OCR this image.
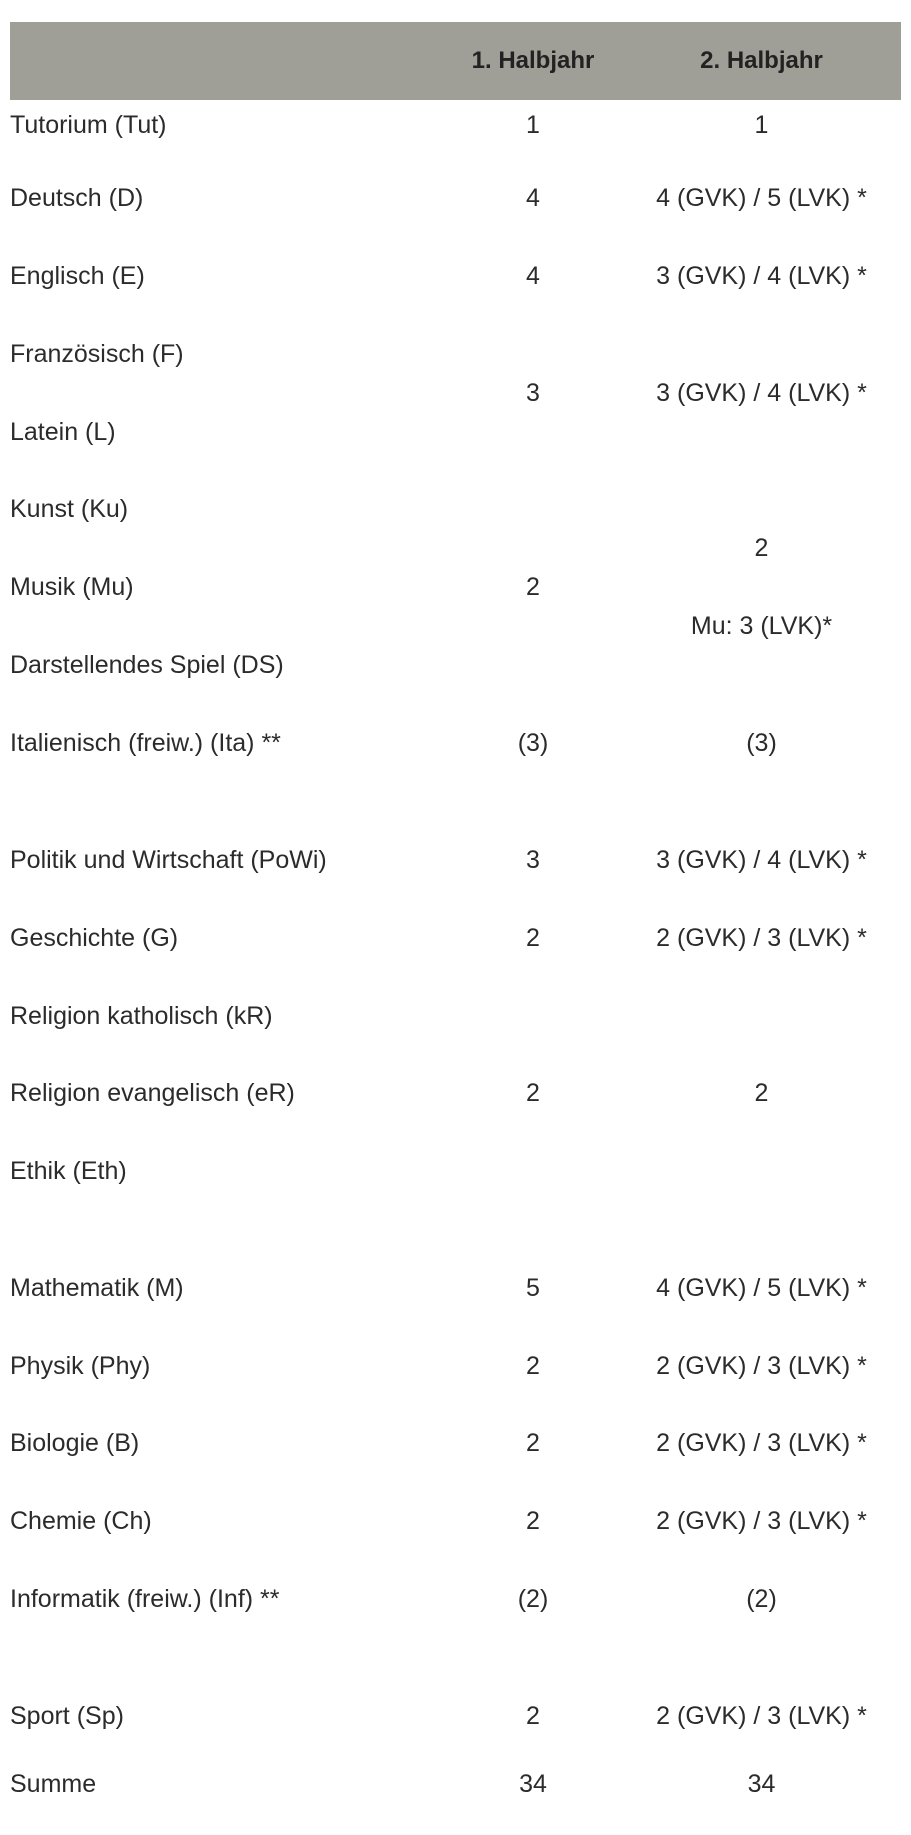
1. Halbjahr	2. Halbjahr
Tutorium (Tut)
Deutsch (D)
Englisch (E)
Französisch (F)
Latein (L)
Kunst (Ku)
Musik (Mu)
Darstellendes Spiel (DS)
Italienisch (freiw.) (Ita) **
Politik und Wirtschaft (PoWi)
Geschichte (G)
Religion katholisch (kR)
Religion evangelisch (eR)
Ethik (Eth)
Mathematik (M)
Physik (Phy)
Biologie (B)
Chemie (Ch)
Informatik (freiw.) (Inf) **
Sport (Sp)
Summe
1
4
4
3
2
(3)
3
2
2
5
2
2
2
(2)
2
34
1
4 (GVK) / 5 (LVK) *
3 (GVK) / 4 (LVK) *
3 (GVK) / 4 (LVK) *
2
Mu: 3 (LVK)*
(3)
3 (GVK) / 4 (LVK) *
2 (GVK) / 3 (LVK) *
2
4 (GVK) / 5 (LVK) *
2 (GVK) / 3 (LVK) *
2 (GVK) / 3 (LVK) *
2 (GVK) / 3 (LVK) *
(2)
2 (GVK) / 3 (LVK) *
34
